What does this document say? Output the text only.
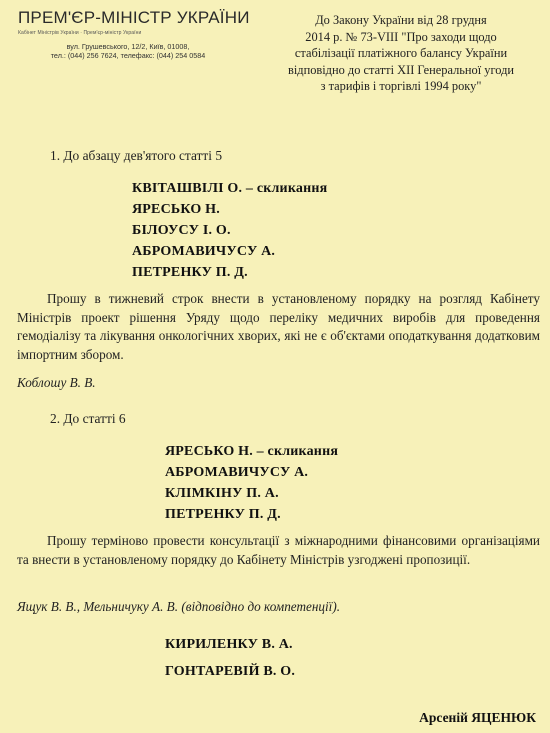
ПРЕМ'ЄР-МІНІСТР УКРАЇНИ
Кабінет Міністрів України · Прем'єр-міністр України
вул. Грушевського, 12/2, Київ, 01008,
тел.: (044) 256 7624, телефакс: (044) 254 0584
До Закону України від 28 грудня
2014 р. № 73-VIII "Про заходи щодо
стабілізації платіжного балансу України
відповідно до статті XII Генеральної угоди
з тарифів і торгівлі 1994 року"
1. До абзацу дев'ятого статті 5
КВІТАШВІЛІ О. – скликання
ЯРЕСЬКО Н.
БІЛОУСУ І. О.
АБРОМАВИЧУСУ А.
ПЕТРЕНКУ П. Д.

Прошу в тижневий строк внести в установленому порядку на розгляд Кабінету Міністрів проект рішення Уряду щодо переліку медичних виробів для проведення гемодіалізу та лікування онкологічних хворих, які не є об'єктами оподаткування додатковим імпортним збором.

Коблошу В. В.
2. До статті 6
ЯРЕСЬКО Н. – скликання
АБРОМАВИЧУСУ А.
КЛІМКІНУ П. А.
ПЕТРЕНКУ П. Д.

Прошу терміново провести консультації з міжнародними фінансовими організаціями та внести в установленому порядку до Кабінету Міністрів узгоджені пропозиції.

Ящук В. В., Мельничуку А. В. (відповідно до компетенції).
КИРИЛЕНКУ В. А.
ГОНТАРЕВІЙ В. О.
Арсеній ЯЦЕНЮК
